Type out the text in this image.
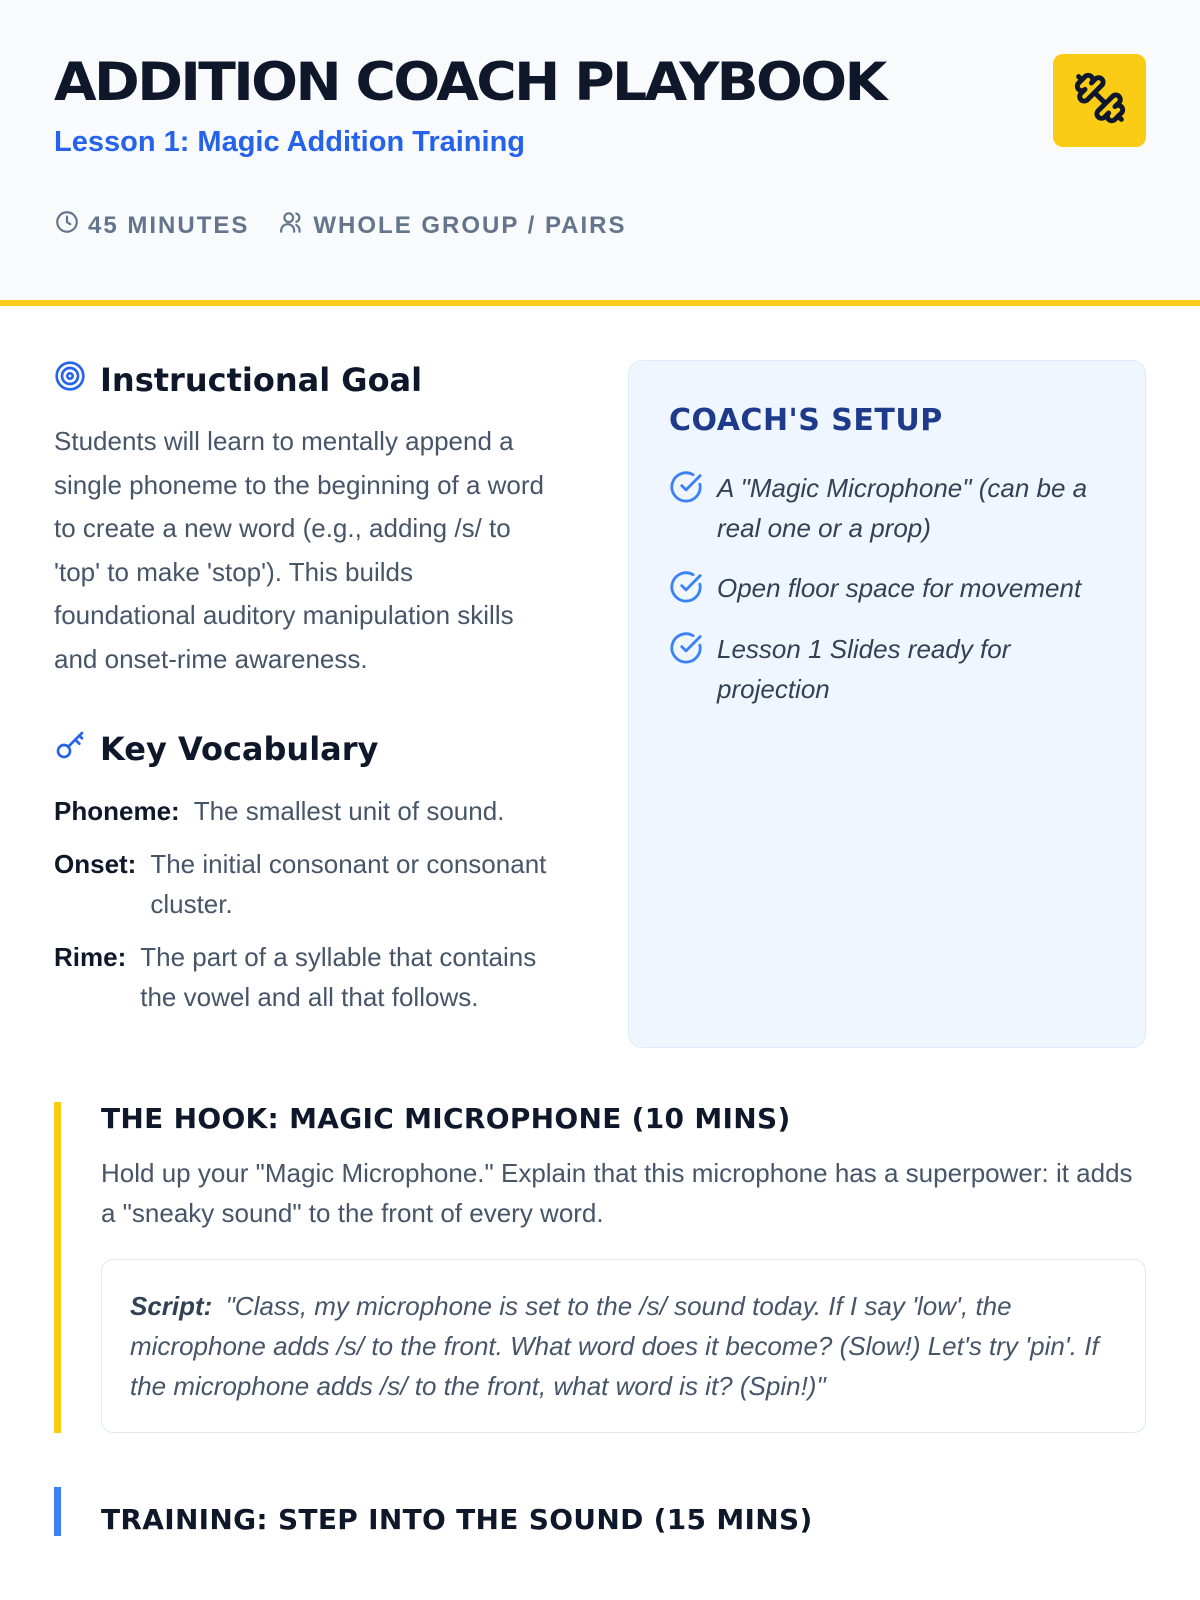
ADDITION COACH PLAYBOOK
Lesson 1: Magic Addition Training
45 MINUTES	WHOLE GROUP / PAIRS
Instructional Goal

Students will learn to mentally append a single phoneme to the beginning of a word to create a new word (e.g., adding /s/ to 'top' to make 'stop'). This builds foundational auditory manipulation skills and onset-rime awareness.

Key Vocabulary
Phoneme: The smallest unit of sound.
Onset: The initial consonant or consonant cluster.
Rime: The part of a syllable that contains the vowel and all that follows.
COACH'S SETUP
A "Magic Microphone" (can be a real one or a prop)
Open floor space for movement
Lesson 1 Slides ready for projection
THE HOOK: MAGIC MICROPHONE (10 MINS)

Hold up your "Magic Microphone." Explain that this microphone has a superpower: it adds a "sneaky sound" to the front of every word.

Script: "Class, my microphone is set to the /s/ sound today. If I say 'low', the microphone adds /s/ to the front. What word does it become? (Slow!) Let's try 'pin'. If the microphone adds /s/ to the front, what word is it? (Spin!)"
TRAINING: STEP INTO THE SOUND (15 MINS)
